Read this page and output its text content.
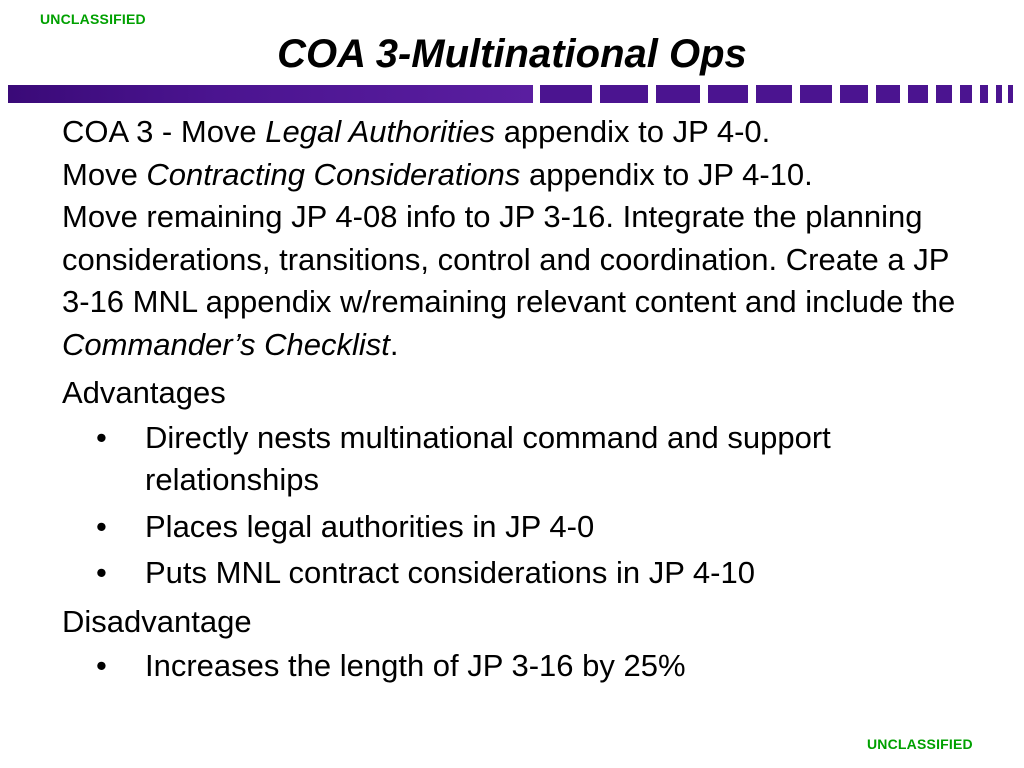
UNCLASSIFIED
COA 3-Multinational Ops

COA 3 - Move Legal Authorities appendix to JP 4-0.
Move Contracting Considerations appendix to JP 4-10.
Move remaining JP 4-08 info to JP 3-16. Integrate the planning considerations, transitions, control and coordination. Create a JP 3-16 MNL appendix w/remaining relevant content and include the Commander’s Checklist.

Advantages
• Directly nests multinational command and support relationships
• Places legal authorities in JP 4-0
• Puts MNL contract considerations in JP 4-10
Disadvantage
• Increases the length of JP 3-16 by 25%
UNCLASSIFIED
